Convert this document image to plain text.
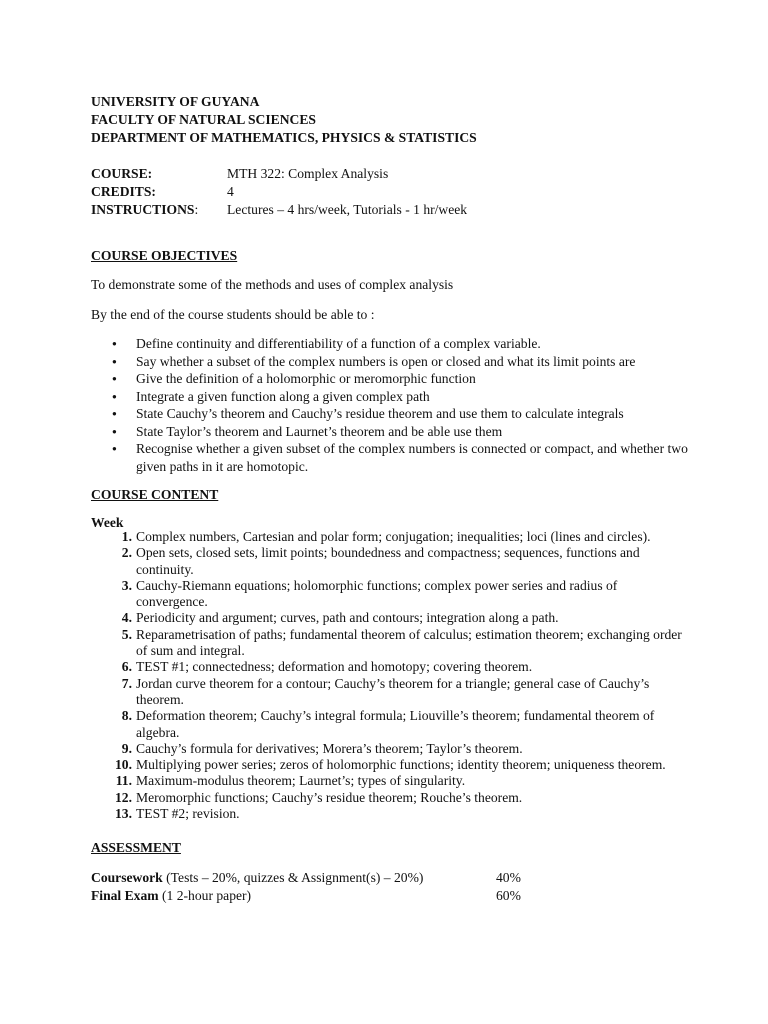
UNIVERSITY OF GUYANA
FACULTY OF NATURAL SCIENCES
DEPARTMENT OF MATHEMATICS, PHYSICS & STATISTICS
COURSE:	MTH 322: Complex Analysis
CREDITS:	4
INSTRUCTIONS: Lectures – 4 hrs/week, Tutorials - 1 hr/week
COURSE OBJECTIVES
To demonstrate some of the methods and uses of complex analysis
By the end of the course students should be able to :
● Define continuity and differentiability of a function of a complex variable.
● Say whether a subset of the complex numbers is open or closed and what its limit points are
● Give the definition of a holomorphic or meromorphic function
● Integrate a given function along a given complex path
● State Cauchy’s theorem and Cauchy’s residue theorem and use them to calculate integrals
● State Taylor’s theorem and Laurnet’s theorem and be able use them
● Recognise whether a given subset of the complex numbers is connected or compact, and whether two given paths in it are homotopic.
COURSE CONTENT
Week
1. Complex numbers, Cartesian and polar form; conjugation; inequalities; loci (lines and circles).
2. Open sets, closed sets, limit points; boundedness and compactness; sequences, functions and continuity.
3. Cauchy-Riemann equations; holomorphic functions; complex power series and radius of convergence.
4. Periodicity and argument; curves, path and contours; integration along a path.
5. Reparametrisation of paths; fundamental theorem of calculus; estimation theorem; exchanging order of sum and integral.
6. TEST #1; connectedness; deformation and homotopy; covering theorem.
7. Jordan curve theorem for a contour; Cauchy’s theorem for a triangle; general case of Cauchy’s theorem.
8. Deformation theorem; Cauchy’s integral formula; Liouville’s theorem; fundamental theorem of algebra.
9. Cauchy’s formula for derivatives; Morera’s theorem; Taylor’s theorem.
10. Multiplying power series; zeros of holomorphic functions; identity theorem; uniqueness theorem.
11. Maximum-modulus theorem; Laurnet’s; types of singularity.
12. Meromorphic functions; Cauchy’s residue theorem; Rouche’s theorem.
13. TEST #2; revision.
ASSESSMENT
Coursework (Tests – 20%, quizzes & Assignment(s) – 20%)	40%
Final Exam (1 2-hour paper)	60%
